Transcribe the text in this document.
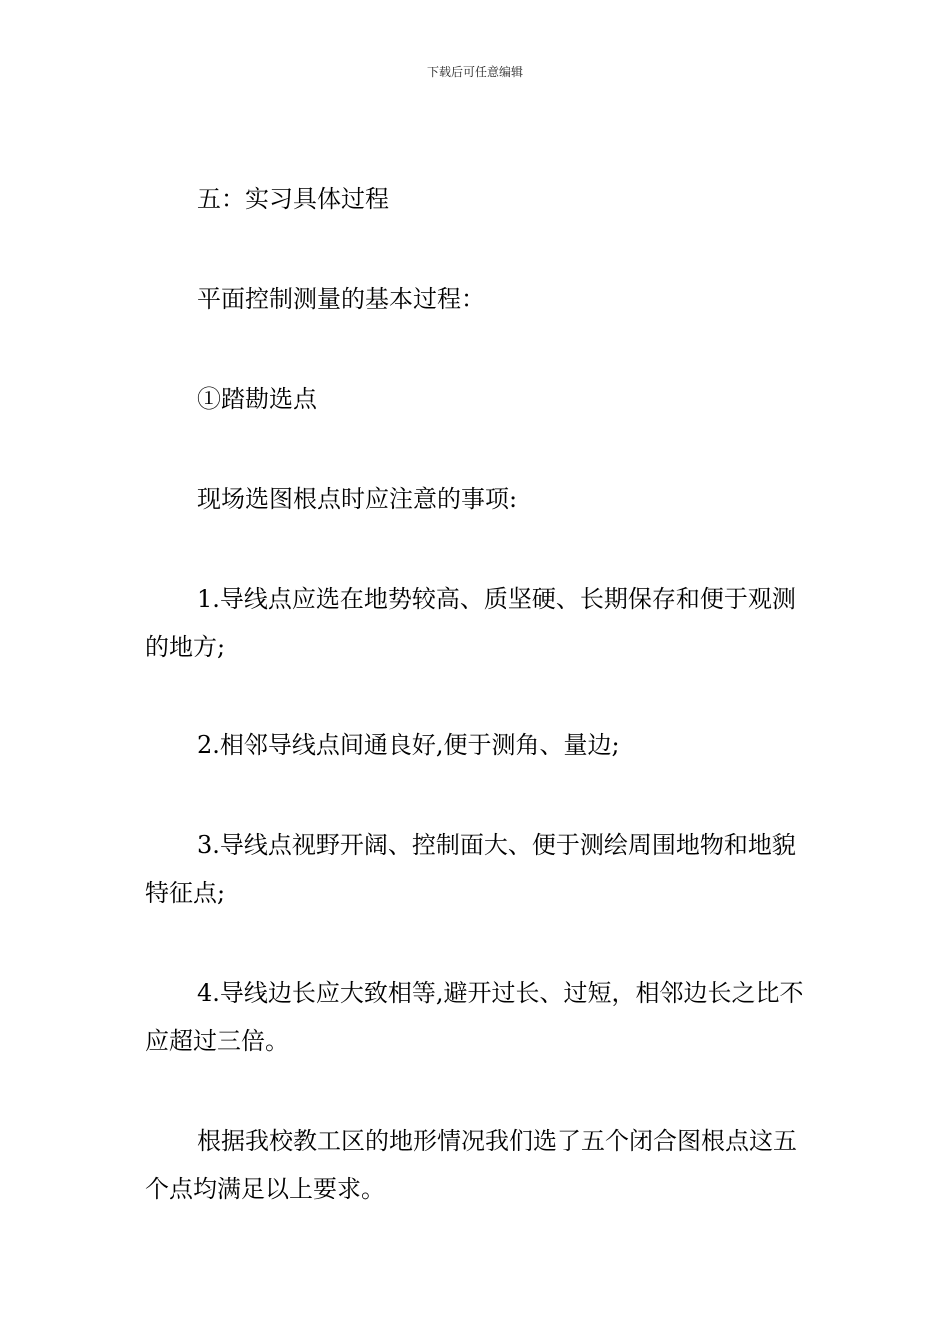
下载后可任意编辑

五：实习具体过程

平面控制测量的基本过程：

①踏勘选点

现场选图根点时应注意的事项:

1.导线点应选在地势较高、质坚硬、长期保存和便于观测的地方;

2.相邻导线点间通良好,便于测角、量边;

3.导线点视野开阔、控制面大、便于测绘周围地物和地貌特征点;

4.导线边长应大致相等,避开过长、过短，相邻边长之比不应超过三倍。

根据我校教工区的地形情况我们选了五个闭合图根点这五个点均满足以上要求。
